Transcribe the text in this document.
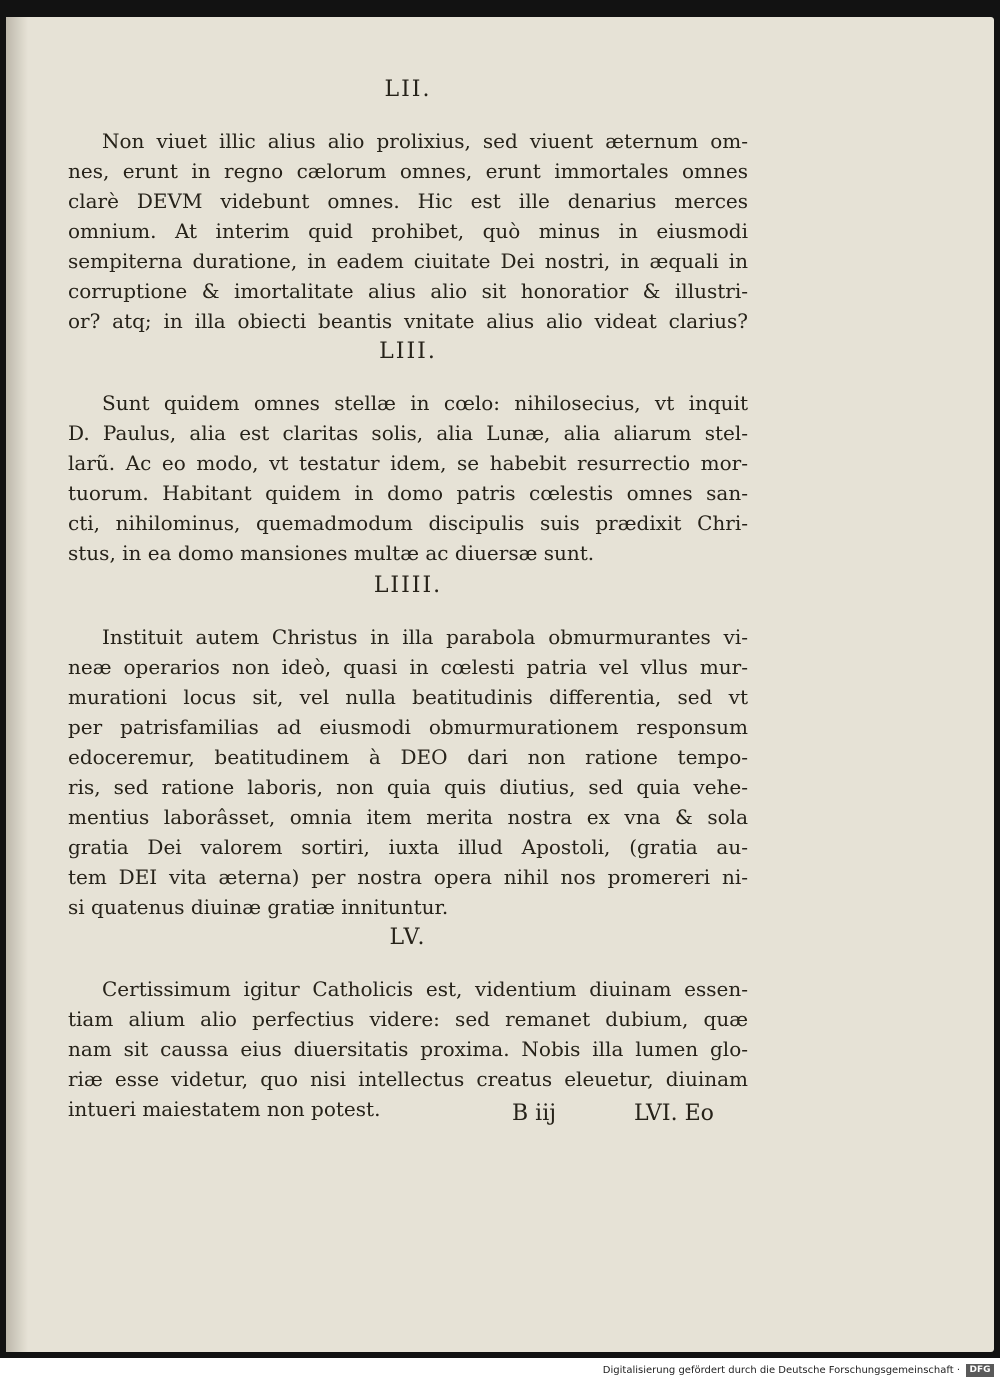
LII.
Non viuet illic alius alio prolixius, sed viuent æternum om-
nes, erunt in regno cælorum omnes, erunt immortales omnes
clarè DEVM videbunt omnes. Hic est ille denarius merces
omnium. At interim quid prohibet, quò minus in eiusmodi
sempiterna duratione, in eadem ciuitate Dei nostri, in æquali in
corruptione & imortalitate alius alio sit honoratior & illustri-
or? atq; in illa obiecti beantis vnitate alius alio videat clarius?
LIII.
Sunt quidem omnes stellæ in cœlo: nihilosecius, vt inquit
D. Paulus, alia est claritas solis, alia Lunæ, alia aliarum stel-
larũ. Ac eo modo, vt testatur idem, se habebit resurrectio mor-
tuorum. Habitant quidem in domo patris cœlestis omnes san-
cti, nihilominus, quemadmodum discipulis suis prædixit Chri-
stus, in ea domo mansiones multæ ac diuersæ sunt.
LIIII.
Instituit autem Christus in illa parabola obmurmurantes vi-
neæ operarios non ideò, quasi in cœlesti patria vel vllus mur-
murationi locus sit, vel nulla beatitudinis differentia, sed vt
per patrisfamilias ad eiusmodi obmurmurationem responsum
edoceremur, beatitudinem à DEO dari non ratione tempo-
ris, sed ratione laboris, non quia quis diutius, sed quia vehe-
mentius laborâsset, omnia item merita nostra ex vna & sola
gratia Dei valorem sortiri, iuxta illud Apostoli, (gratia au-
tem DEI vita æterna) per nostra opera nihil nos promereri ni-
si quatenus diuinæ gratiæ innituntur.
LV.
Certissimum igitur Catholicis est, videntium diuinam essen-
tiam alium alio perfectius videre: sed remanet dubium, quæ
nam sit caussa eius diuersitatis proxima. Nobis illa lumen glo-
riæ esse videtur, quo nisi intellectus creatus eleuetur, diuinam
intueri maiestatem non potest.	B iij	LVI. Eo
Digitalisierung gefördert durch die Deutsche Forschungsgemeinschaft ·	DFG
